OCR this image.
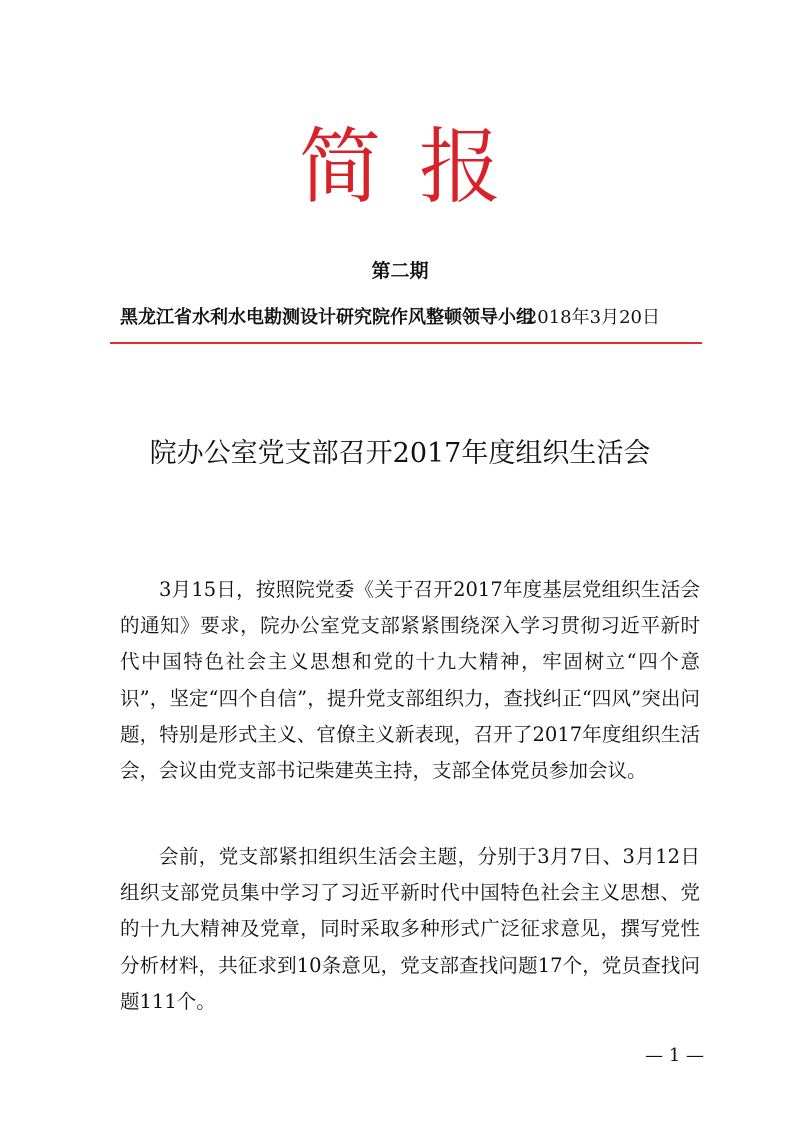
简报
第二期
黑龙江省水利水电勘测设计研究院作风整顿领导小组
2018年3月20日
院办公室党支部召开2017年度组织生活会

3月15日，按照院党委《关于召开2017年度基层党组织生活会的通知》要求，院办公室党支部紧紧围绕深入学习贯彻习近平新时代中国特色社会主义思想和党的十九大精神，牢固树立“四个意识”，坚定“四个自信”，提升党支部组织力，查找纠正“四风”突出问题，特别是形式主义、官僚主义新表现，召开了2017年度组织生活会，会议由党支部书记柴建英主持，支部全体党员参加会议。

会前，党支部紧扣组织生活会主题，分别于3月7日、3月12日组织支部党员集中学习了习近平新时代中国特色社会主义思想、党的十九大精神及党章，同时采取多种形式广泛征求意见，撰写党性分析材料，共征求到10条意见，党支部查找问题17个，党员查找问题111个。

— 1 —
